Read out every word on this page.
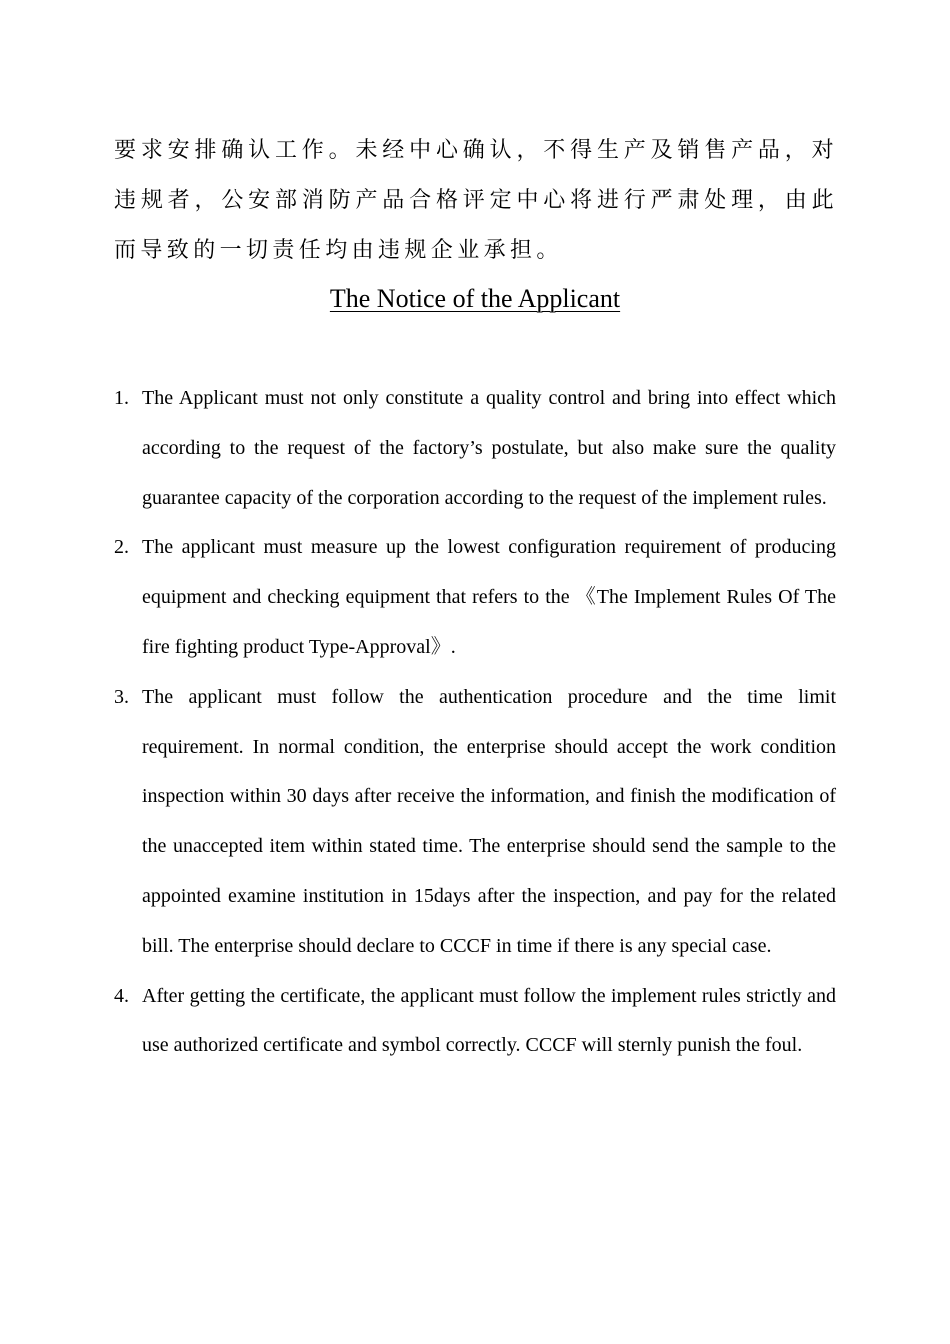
要求安排确认工作。未经中心确认，不得生产及销售产品，对违规者，公安部消防产品合格评定中心将进行严肃处理，由此而导致的一切责任均由违规企业承担。

The Notice of the Applicant
1. The Applicant must not only constitute a quality control and bring into effect which according to the request of the factory’s postulate, but also make sure the quality guarantee capacity of the corporation according to the request of the implement rules.
2. The applicant must measure up the lowest configuration requirement of producing equipment and checking equipment that refers to the 《The Implement Rules Of The fire fighting product Type-Approval》.
3. The applicant must follow the authentication procedure and the time limit requirement. In normal condition, the enterprise should accept the work condition inspection within 30 days after receive the information, and finish the modification of the unaccepted item within stated time. The enterprise should send the sample to the appointed examine institution in 15days after the inspection, and pay for the related bill. The enterprise should declare to CCCF in time if there is any special case.
4. After getting the certificate, the applicant must follow the implement rules strictly and use authorized certificate and symbol correctly. CCCF will sternly punish the foul.
